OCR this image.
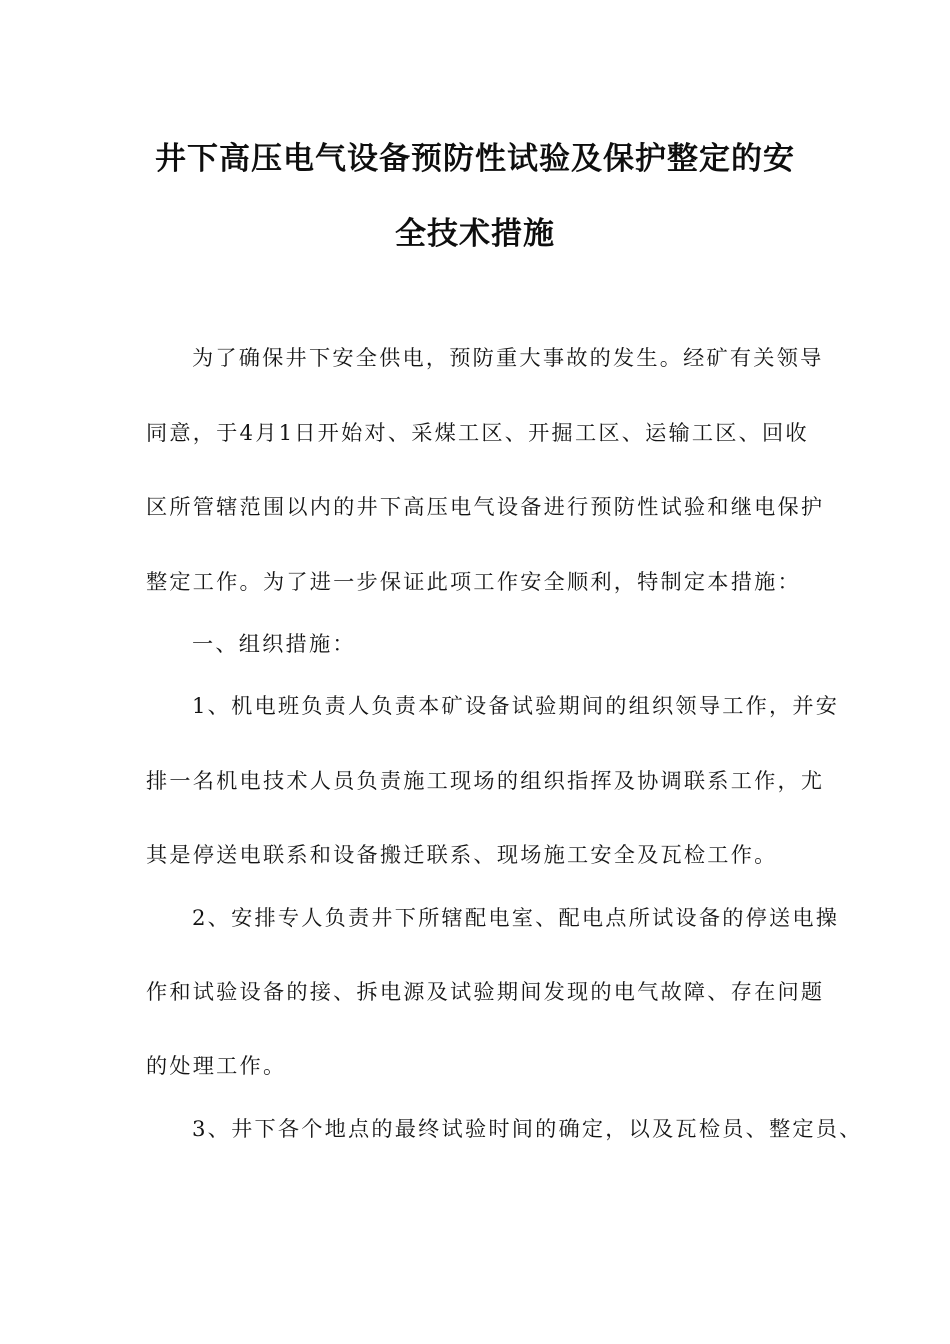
井下高压电气设备预防性试验及保护整定的安
全技术措施
为了确保井下安全供电，预防重大事故的发生。经矿有关领导
同意，于4月1日开始对、采煤工区、开掘工区、运输工区、回收
区所管辖范围以内的井下高压电气设备进行预防性试验和继电保护
整定工作。为了进一步保证此项工作安全顺利，特制定本措施：
一、组织措施：
1、机电班负责人负责本矿设备试验期间的组织领导工作，并安
排一名机电技术人员负责施工现场的组织指挥及协调联系工作，尤
其是停送电联系和设备搬迁联系、现场施工安全及瓦检工作。
2、安排专人负责井下所辖配电室、配电点所试设备的停送电操
作和试验设备的接、拆电源及试验期间发现的电气故障、存在问题
的处理工作。
3、井下各个地点的最终试验时间的确定，以及瓦检员、整定员、
